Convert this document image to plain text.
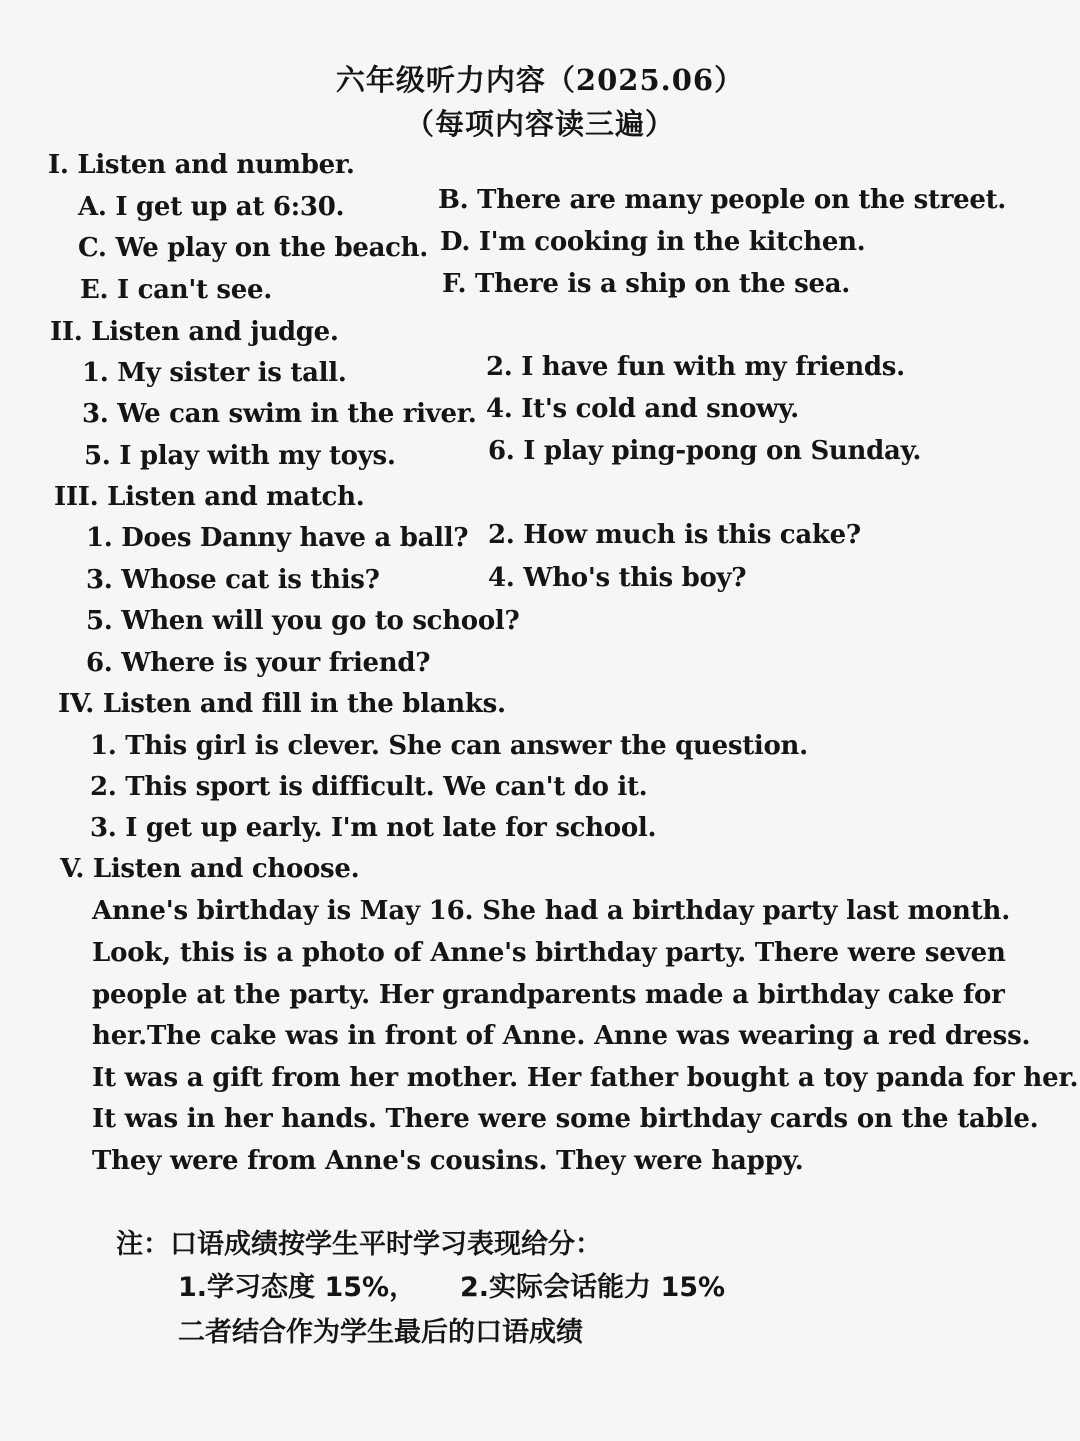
六年级听力内容（2025.06）
（每项内容读三遍）
I. Listen and number.
A. I get up at 6:30.	B. There are many people on the street.
C. We play on the beach. D. I'm cooking in the kitchen.
E. I can't see.	F. There is a ship on the sea.
II. Listen and judge.
1. My sister is tall.	2. I have fun with my friends.
3. We can swim in the river. 4. It's cold and snowy.
5. I play with my toys.	6. I play ping-pong on Sunday.
III. Listen and match.
1. Does Danny have a ball? 2. How much is this cake?
3. Whose cat is this?	4. Who's this boy?
5. When will you go to school?
6. Where is your friend?
IV. Listen and fill in the blanks.
1. This girl is clever. She can answer the question.
2. This sport is difficult. We can't do it.
3. I get up early. I'm not late for school.
V. Listen and choose.
Anne's birthday is May 16. She had a birthday party last month.
Look, this is a photo of Anne's birthday party. There were seven
people at the party. Her grandparents made a birthday cake for
her.The cake was in front of Anne. Anne was wearing a red dress.
It was a gift from her mother. Her father bought a toy panda for her.
It was in her hands. There were some birthday cards on the table.
They were from Anne's cousins. They were happy.
注：口语成绩按学生平时学习表现给分：
1.学习态度 15%， 2.实际会话能力 15%
二者结合作为学生最后的口语成绩
